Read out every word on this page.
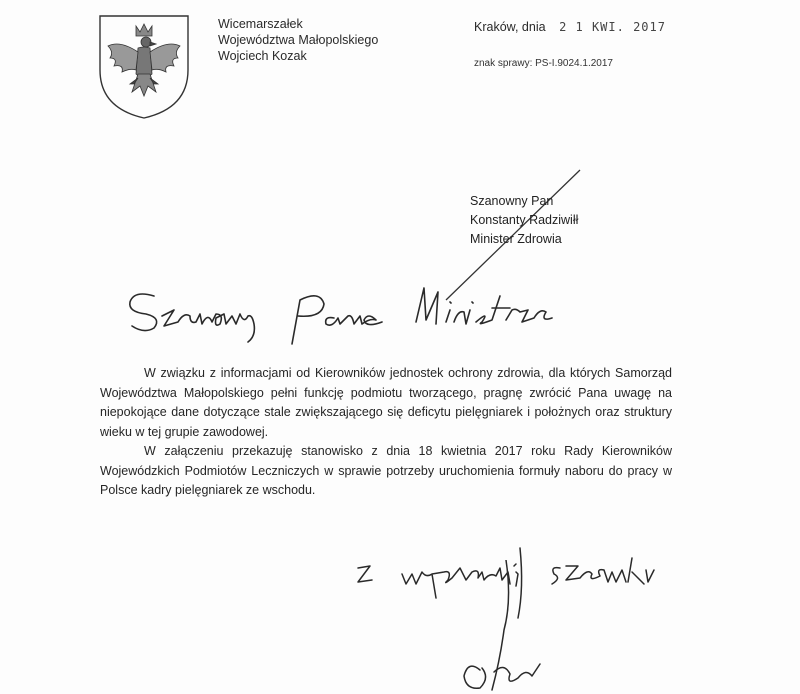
Wicemarszałek
Województwa Małopolskiego
Wojciech Kozak
Kraków, dnia 2 1 KWI. 2017
znak sprawy: PS-I.9024.1.2017
Szanowny Pan
Konstanty Radziwiłł
Minister Zdrowia

W związku z informacjami od Kierowników jednostek ochrony zdrowia, dla których Samorząd Województwa Małopolskiego pełni funkcję podmiotu tworzącego, pragnę zwrócić Pana uwagę na niepokojące dane dotyczące stale zwiększającego się deficytu pielęgniarek i położnych oraz struktury wieku w tej grupie zawodowej.

W załączeniu przekazuję stanowisko z dnia 18 kwietnia 2017 roku Rady Kierowników Wojewódzkich Podmiotów Leczniczych w sprawie potrzeby uruchomienia formuły naboru do pracy w Polsce kadry pielęgniarek ze wschodu.
